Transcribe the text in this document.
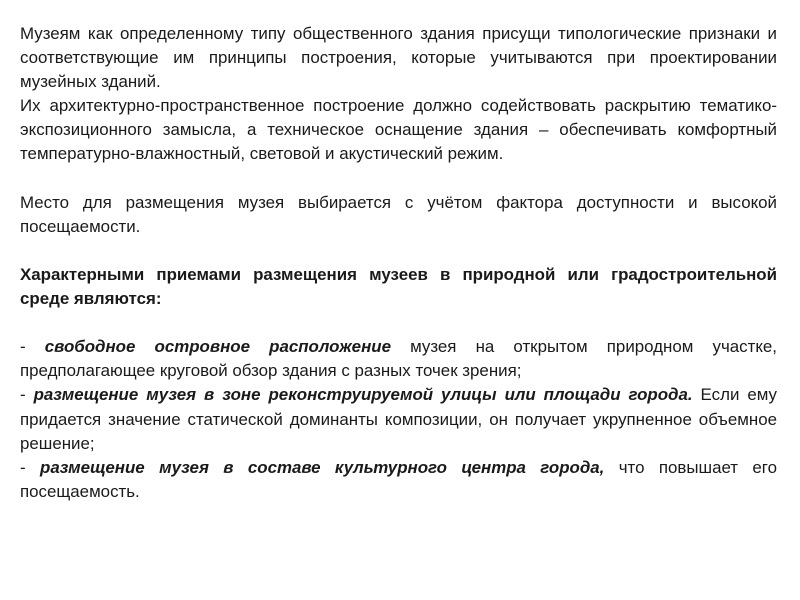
Музеям как определенному типу общественного здания присущи типологические признаки и соответствующие им принципы построения, которые учитываются при проектировании музейных зданий.

Их архитектурно-пространственное построение должно содействовать раскрытию тематико-экспозиционного замысла, а техническое оснащение здания – обеспечивать комфортный температурно-влажностный, световой и акустический режим.

Место для размещения музея выбирается с учётом фактора доступности и высокой посещаемости.

Характерными приемами размещения музеев в природной или градостроительной среде являются:

- свободное островное расположение музея на открытом природном участке, предполагающее круговой обзор здания с разных точек зрения;

- размещение музея в зоне реконструируемой улицы или площади города. Если ему придается значение статической доминанты композиции, он получает укрупненное объемное решение;

- размещение музея в составе культурного центра города, что повышает его посещаемость.
